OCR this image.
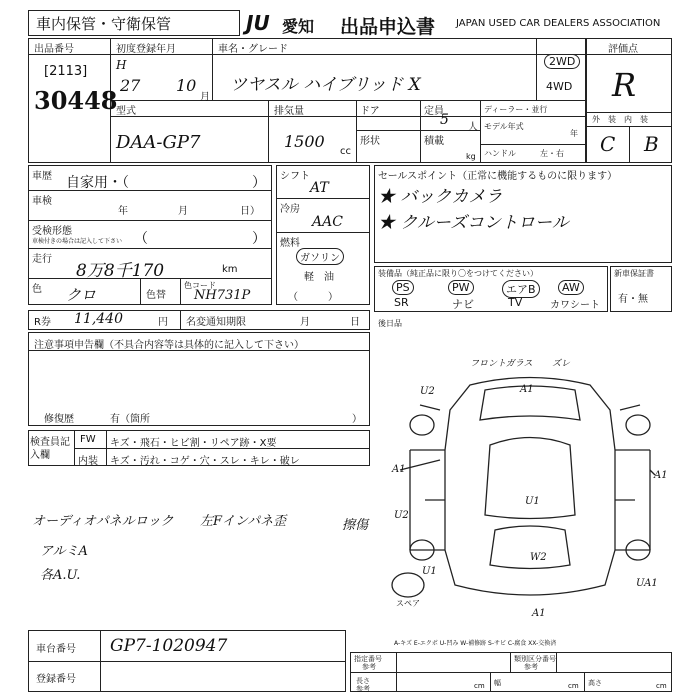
車内保管・守衛保管	JU 愛知 出品申込書 JAPAN USED CAR DEALERS ASSOCIATION
出品番号
[2113]
30448
初度登録年月
H
27 10
月
車名・グレード
ツヤスル ハイブリッド X
2WD
4WD
評価点
R
外　装　内　装
C B
型式
DAA-GP7
排気量
1500
cc
ドア
形状
定員
5 人
積載
kg
ディーラー・並行
モデル年式
年
ハンドル	左・右
車歴 自家用・（	）
車検
年	月	日）
受検形態
車検付きの場合は記入して下さい （	）
走行
8万8千170	km
色 クロ	色替
色コード
NH731P
シフト
AT
冷房
AAC
燃料
ガソリン
軽　油
（　　　）
セールスポイント（正常に機能するものに限ります）
★ バックカメラ
★ クルーズコントロール
装備品（純正品に限り〇をつけてください）
PS	PW	エアB	AW
SR	ナビ	TV	カワシート
新車保証書
有・無
R券 11,440	円 名変通知期限	月	日 後日品
注意事項申告欄（不具合内容等は具体的に記入して下さい）
修復歴	有（箇所	）
検査員記入欄
FW キズ・飛石・ヒビ割・リペア跡・X要
内装 キズ・汚れ・コゲ・穴・スレ・キレ・破レ
オーディオパネルロック
アルミA
各A.U.
左Fインパネ歪	擦傷
フロントガラス ズレ
U2	A1
U1
W2
A1
U2
U1
A1
UA1
A1
スペア
A-キズ E-エクボ U-凹み W-補修跡 S-サビ C-腐食 XX-交換済
車台番号 GP7-1020947
登録番号
指定番号
参考
類別区分番号
参考
長さ
参考	cm 幅	cm 高さ	cm
